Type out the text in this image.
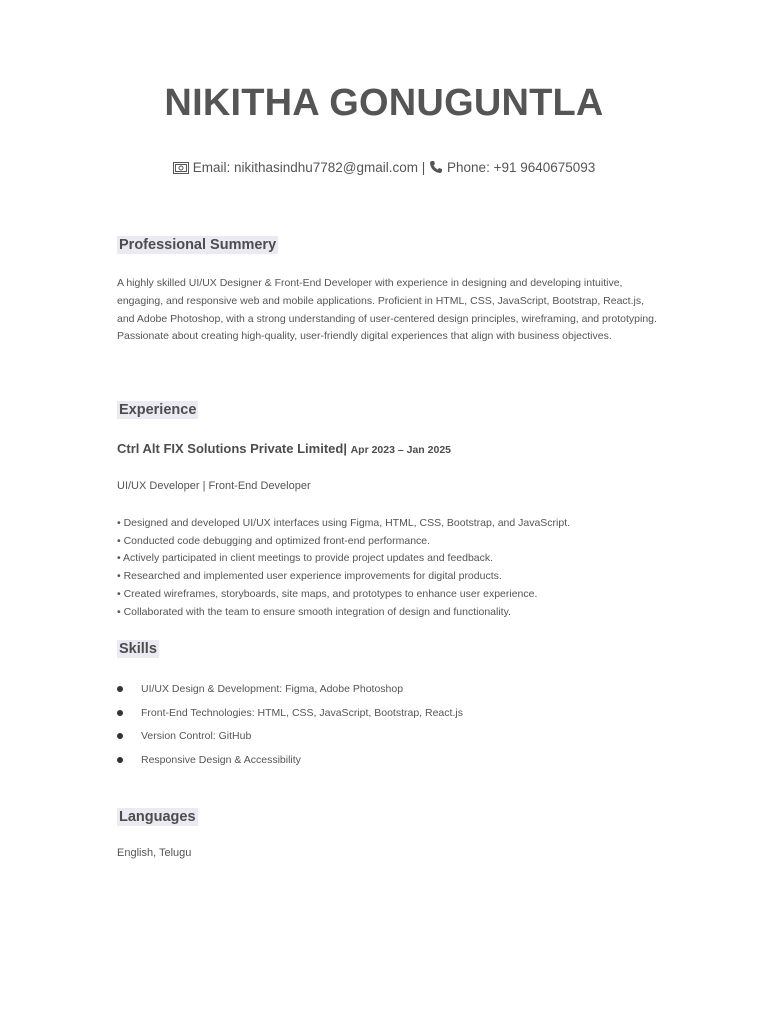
NIKITHA GONUGUNTLA
Email: nikithasindhu7782@gmail.com | Phone: +91 9640675093
Professional Summery

A highly skilled UI/UX Designer & Front-End Developer with experience in designing and developing intuitive, engaging, and responsive web and mobile applications. Proficient in HTML, CSS, JavaScript, Bootstrap, React.js, and Adobe Photoshop, with a strong understanding of user-centered design principles, wireframing, and prototyping. Passionate about creating high-quality, user-friendly digital experiences that align with business objectives.

Experience
Ctrl Alt FIX Solutions Private Limited| Apr 2023 – Jan 2025
UI/UX Developer | Front-End Developer
• Designed and developed UI/UX interfaces using Figma, HTML, CSS, Bootstrap, and JavaScript.
• Conducted code debugging and optimized front-end performance.
• Actively participated in client meetings to provide project updates and feedback.
• Researched and implemented user experience improvements for digital products.
• Created wireframes, storyboards, site maps, and prototypes to enhance user experience.
• Collaborated with the team to ensure smooth integration of design and functionality.
Skills
UI/UX Design & Development: Figma, Adobe Photoshop
Front-End Technologies: HTML, CSS, JavaScript, Bootstrap, React.js
Version Control: GitHub
Responsive Design & Accessibility
Languages
English, Telugu
